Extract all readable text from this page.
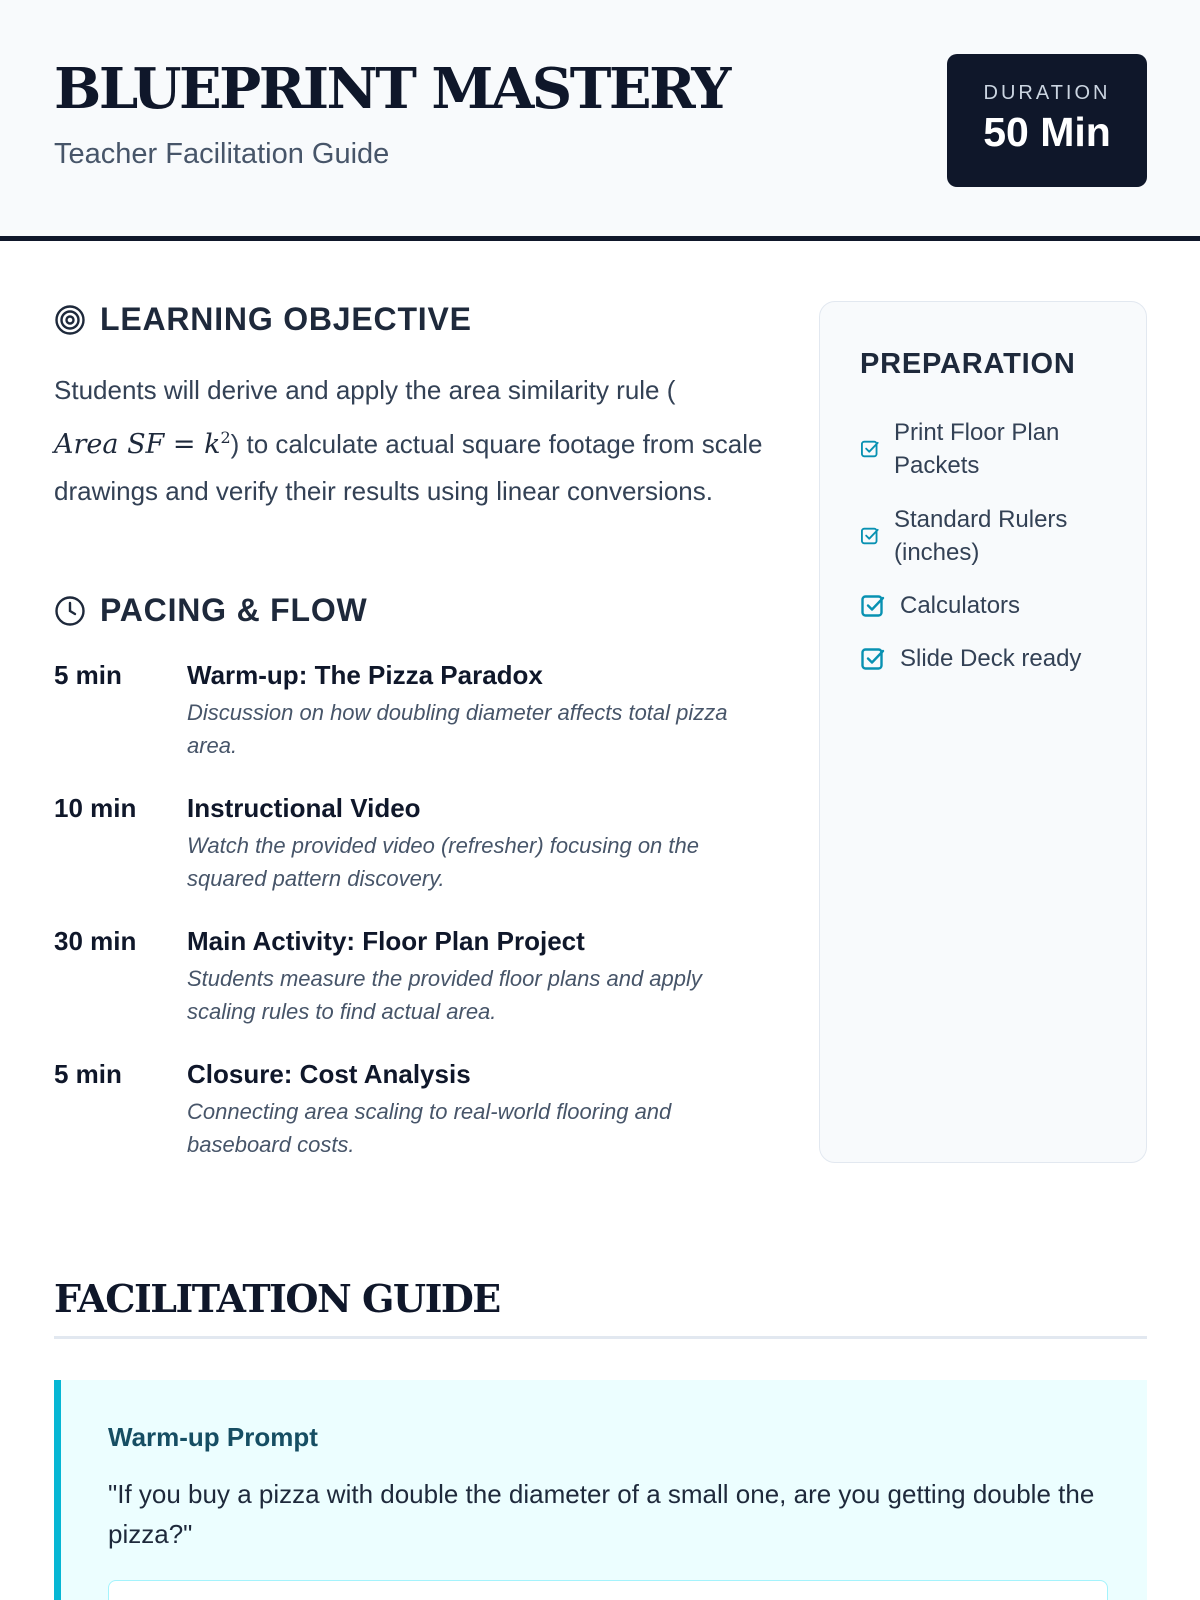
BLUEPRINT MASTERY
Teacher Facilitation Guide
DURATION
50 Min
LEARNING OBJECTIVE
Students will derive and apply the area similarity rule (
Area SF = $k^2$) to calculate actual square footage from scale drawings and verify their results using linear conversions.
PACING & FLOW
5 min	Warm-up: The Pizza Paradox
Discussion on how doubling diameter affects total pizza area.
10 min Instructional Video
Watch the provided video (refresher) focusing on the squared pattern discovery.
30 min Main Activity: Floor Plan Project
Students measure the provided floor plans and apply scaling rules to find actual area.
5 min	Closure: Cost Analysis
Connecting area scaling to real-world flooring and baseboard costs.
PREPARATION
Print Floor Plan Packets
Standard Rulers (inches)
Calculators
Slide Deck ready
FACILITATION GUIDE
Warm-up Prompt
"If you buy a pizza with double the diameter of a small one, are you getting double the pizza?"
